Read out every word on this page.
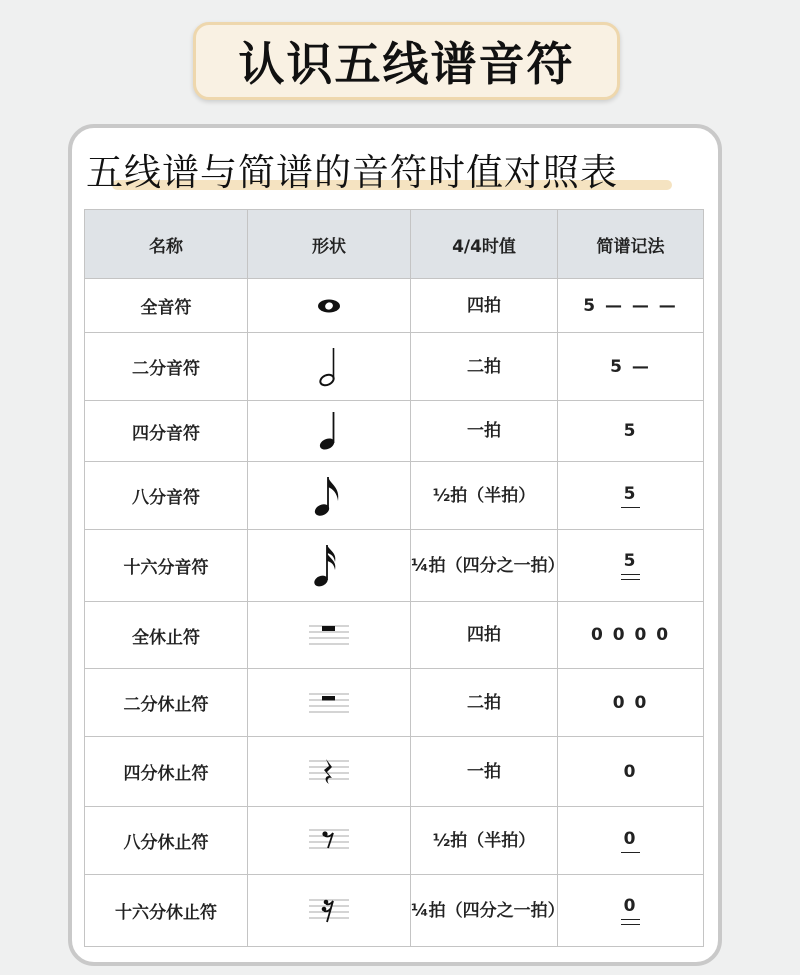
认识五线谱音符
五线谱与简谱的音符时值对照表
名称	形状	4/4时值	简谱记法
全音符		四拍	5 — — —
二分音符		二拍	5 —
四分音符		一拍	5
八分音符		½拍（半拍）	5

十六分音符		¼拍（四分之一拍）	5

全休止符		四拍	0 0 0 0
二分休止符		二拍	0 0
四分休止符		一拍	0
八分休止符		½拍（半拍）	0

十六分休止符		¼拍（四分之一拍）	0
